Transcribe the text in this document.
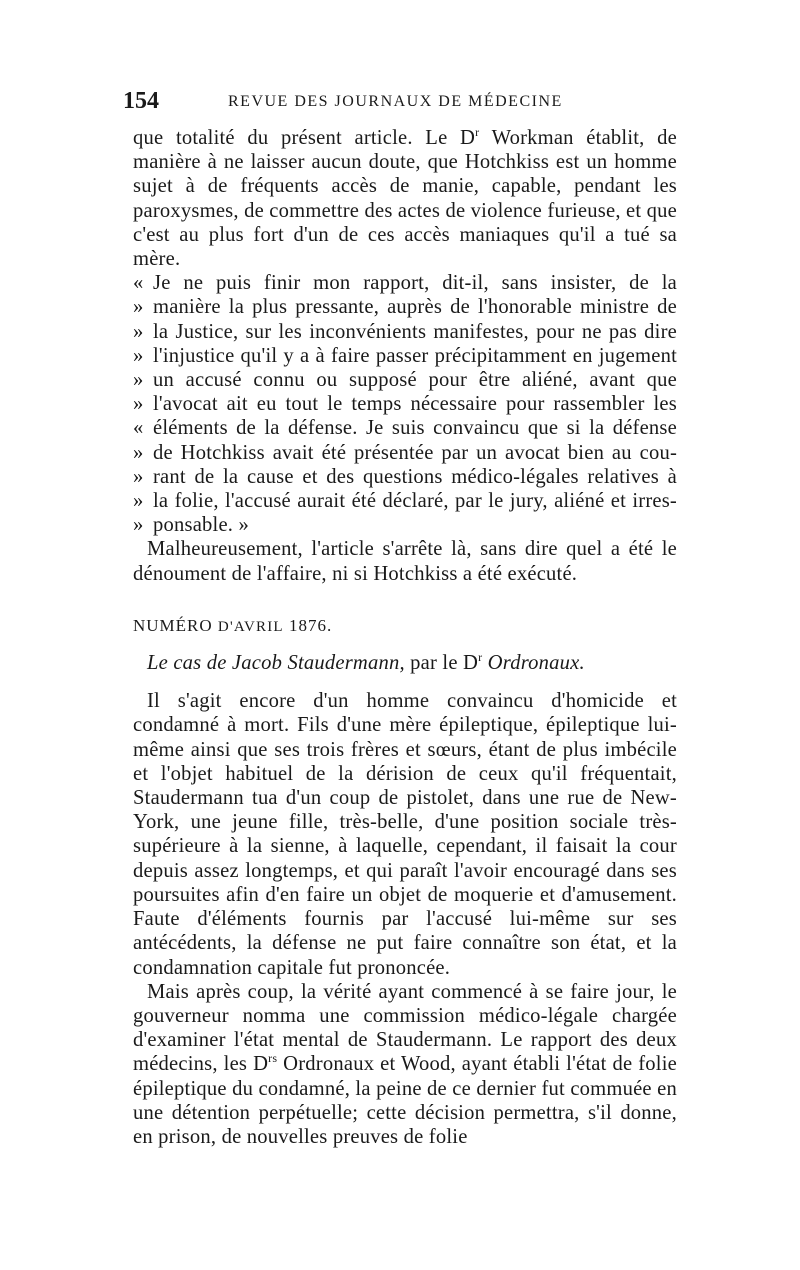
154	REVUE DES JOURNAUX DE MÉDECINE

que totalité du présent article. Le $D^r$ Workman établit, de manière à ne laisser aucun doute, que Hotchkiss est un homme sujet à de fréquents accès de manie, capable, pendant les paroxysmes, de commettre des actes de violence furieuse, et que c'est au plus fort d'un de ces accès maniaques qu'il a tué sa mère.

« Je ne puis finir mon rapport, dit-il, sans insister, de la
» manière la plus pressante, auprès de l'honorable ministre de
» la Justice, sur les inconvénients manifestes, pour ne pas dire
» l'injustice qu'il y a à faire passer précipitamment en jugement
» un accusé connu ou supposé pour être aliéné, avant que
» l'avocat ait eu tout le temps nécessaire pour rassembler les
« éléments de la défense. Je suis convaincu que si la défense
» de Hotchkiss avait été présentée par un avocat bien au cou-
» rant de la cause et des questions médico-légales relatives à
» la folie, l'accusé aurait été déclaré, par le jury, aliéné et irres-
» ponsable. »

Malheureusement, l'article s'arrête là, sans dire quel a été le dénoument de l'affaire, ni si Hotchkiss a été exécuté.

NUMÉRO D'AVRIL 1876.

Le cas de Jacob Staudermann, par le $D^r$ Ordronaux.

Il s'agit encore d'un homme convaincu d'homicide et condamné à mort. Fils d'une mère épileptique, épileptique lui-même ainsi que ses trois frères et sœurs, étant de plus imbécile et l'objet habituel de la dérision de ceux qu'il fréquentait, Staudermann tua d'un coup de pistolet, dans une rue de New-York, une jeune fille, très-belle, d'une position sociale très-supérieure à la sienne, à laquelle, cependant, il faisait la cour depuis assez longtemps, et qui paraît l'avoir encouragé dans ses poursuites afin d'en faire un objet de moquerie et d'amusement. Faute d'éléments fournis par l'accusé lui-même sur ses antécédents, la défense ne put faire connaître son état, et la condamnation capitale fut prononcée.

Mais après coup, la vérité ayant commencé à se faire jour, le gouverneur nomma une commission médico-légale chargée d'examiner l'état mental de Staudermann. Le rapport des deux médecins, les $D^{rs}$ Ordronaux et Wood, ayant établi l'état de folie épileptique du condamné, la peine de ce dernier fut commuée en une détention perpétuelle; cette décision permettra, s'il donne, en prison, de nouvelles preuves de folie
